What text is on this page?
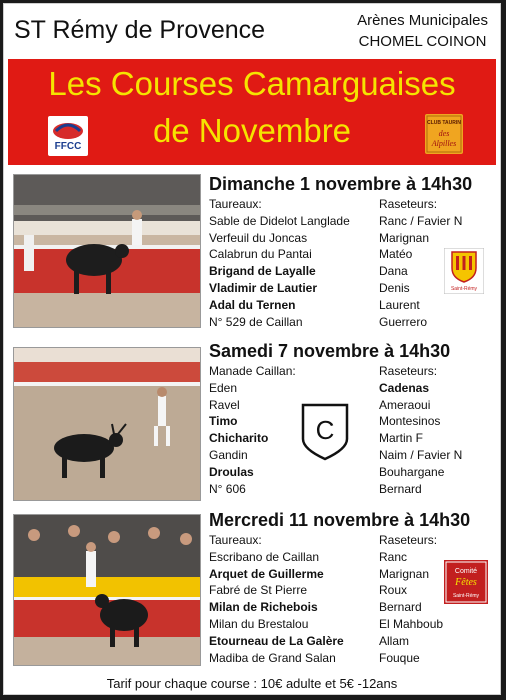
ST Rémy de Provence	Arènes Municipales
CHOMEL COINON
Les Courses Camarguaises
de Novembre
FFCC
CLUB TAURIN
des
Alpilles
Dimanche 1 novembre à 14h30
Taureaux:
Sable de Didelot Langlade
Verfeuil du Joncas
Calabrun du Pantai
Brigand de Layalle
Vladimir de Lautier
Adal du Ternen
N° 529 de Caillan
Raseteurs:
Ranc / Favier N
Marignan
Matéo
Dana
Denis
Laurent
Guerrero
Saint-Rémy
Samedi 7 novembre à 14h30
Manade Caillan:
Eden
Ravel
Timo
Chicharito
Gandin
Droulas
N° 606
Raseteurs:
Cadenas
Ameraoui
Montesinos
Martin F
Naim / Favier N
Bouhargane
Bernard
C
Mercredi 11 novembre à 14h30
Taureaux:
Escribano de Caillan
Arquet de Guillerme
Fabré de St Pierre
Milan de Richebois
Milan du Brestalou
Etourneau de La Galère
Madiba de Grand Salan
Raseteurs:
Ranc
Marignan
Roux
Bernard
El Mahboub
Allam
Fouque
Comité
Fêtes
Saint-Rémy
Tarif pour chaque course : 10€ adulte et 5€ -12ans
